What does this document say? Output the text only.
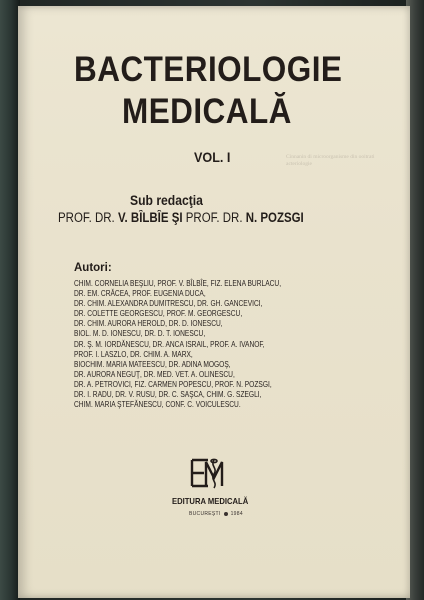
BACTERIOLOGIE
MEDICALĂ
VOL. I	Cinnanin di microorganisme din ooitrati acteriologie
Sub redacţia
PROF. DR. V. BÎLBÎE ŞI PROF. DR. N. POZSGI
Autori:
CHIM. CORNELIA BEŞLIU, PROF. V. BÎLBÎE, FIZ. ELENA BURLACU,
DR. EM. CRĂCEA, PROF. EUGENIA DUCA,
DR. CHIM. ALEXANDRA DUMITRESCU, DR. GH. GANCEVICI,
DR. COLETTE GEORGESCU, PROF. M. GEORGESCU,
DR. CHIM. AURORA HEROLD, DR. D. IONESCU,
BIOL. M. D. IONESCU, DR. D. T. IONESCU,
DR. Ş. M. IORDĂNESCU, DR. ANCA ISRAIL, PROF. A. IVANOF,
PROF. I. LASZLO, DR. CHIM. A. MARX,
BIOCHIM. MARIA MATEESCU, DR. ADINA MOGOŞ,
DR. AURORA NEGUŢ, DR. MED. VET. A. OLINESCU,
DR. A. PETROVICI, FIZ. CARMEN POPESCU, PROF. N. POZSGI,
DR. I. RADU, DR. V. RUSU, DR. C. SAŞCA, CHIM. G. SZEGLI,
CHIM. MARIA ŞTEFĂNESCU, CONF. C. VOICULESCU.
EDITURA MEDICALĂ
BUCUREŞTI 1984
